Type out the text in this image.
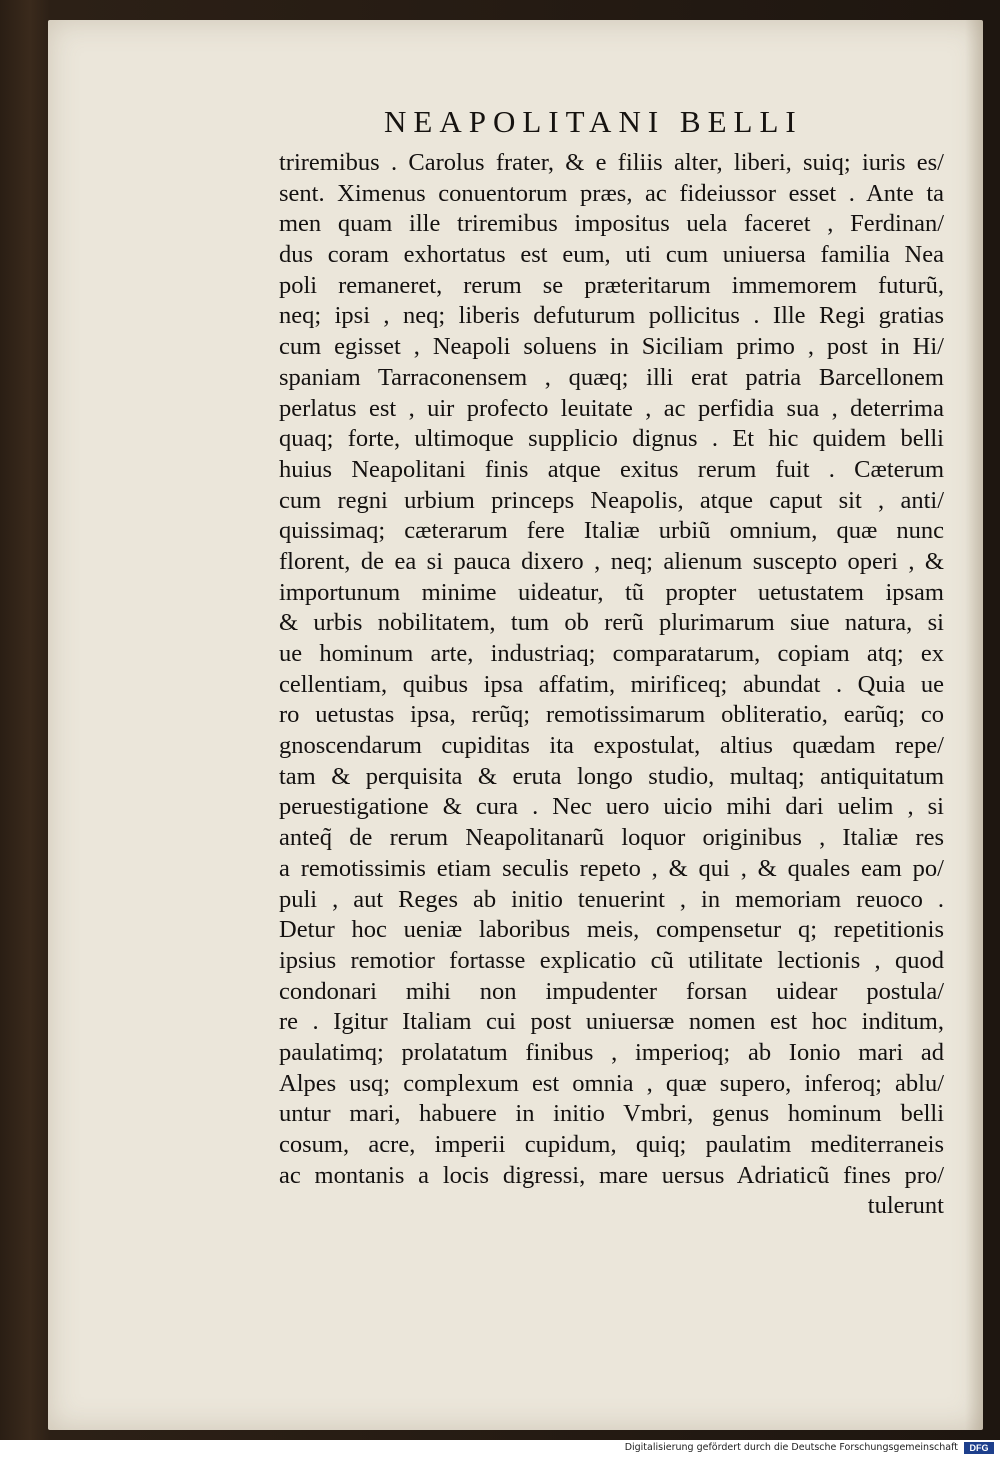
NEAPOLITANI BELLI
triremibus . Carolus frater, & e filiis alter, liberi, suiq; iuris es/
sent. Ximenus conuentorum præs, ac fideiussor esset . Ante ta
men quam ille triremibus impositus uela faceret , Ferdinan/
dus coram exhortatus est eum, uti cum uniuersa familia Nea
poli remaneret, rerum se præteritarum immemorem futurũ,
neq; ipsi , neq; liberis defuturum pollicitus . Ille Regi gratias
cum egisset , Neapoli soluens in Siciliam primo , post in Hi/
spaniam Tarraconensem , quæq; illi erat patria Barcellonem
perlatus est , uir profecto leuitate , ac perfidia sua , deterrima
quaq; forte, ultimoque supplicio dignus . Et hic quidem belli
huius Neapolitani finis atque exitus rerum fuit . Cæterum
cum regni urbium princeps Neapolis, atque caput sit , anti/
quissimaq; cæterarum fere Italiæ urbiũ omnium, quæ nunc
florent, de ea si pauca dixero , neq; alienum suscepto operi , &
importunum minime uideatur, tũ propter uetustatem ipsam
& urbis nobilitatem, tum ob rerũ plurimarum siue natura, si
ue hominum arte, industriaq; comparatarum, copiam atq; ex
cellentiam, quibus ipsa affatim, mirificeq; abundat . Quia ue
ro uetustas ipsa, rerũq; remotissimarum obliteratio, earũq; co
gnoscendarum cupiditas ita expostulat, altius quædam repe/
tam & perquisita & eruta longo studio, multaq; antiquitatum
peruestigatione & cura . Nec uero uicio mihi dari uelim , si
anteq̃ de rerum Neapolitanarũ loquor originibus , Italiæ res
a remotissimis etiam seculis repeto , & qui , & quales eam po/
puli , aut Reges ab initio tenuerint , in memoriam reuoco .
Detur hoc ueniæ laboribus meis, compensetur q; repetitionis
ipsius remotior fortasse explicatio cũ utilitate lectionis , quod
condonari mihi non impudenter forsan uidear postula/
re . Igitur Italiam cui post uniuersæ nomen est hoc inditum,
paulatimq; prolatatum finibus , imperioq; ab Ionio mari ad
Alpes usq; complexum est omnia , quæ supero, inferoq; ablu/
untur mari, habuere in initio Vmbri, genus hominum belli
cosum, acre, imperii cupidum, quiq; paulatim mediterraneis
ac montanis a locis digressi, mare uersus Adriaticũ fines pro/
tulerunt
Digitalisierung gefördert durch die Deutsche Forschungsgemeinschaft	DFG
